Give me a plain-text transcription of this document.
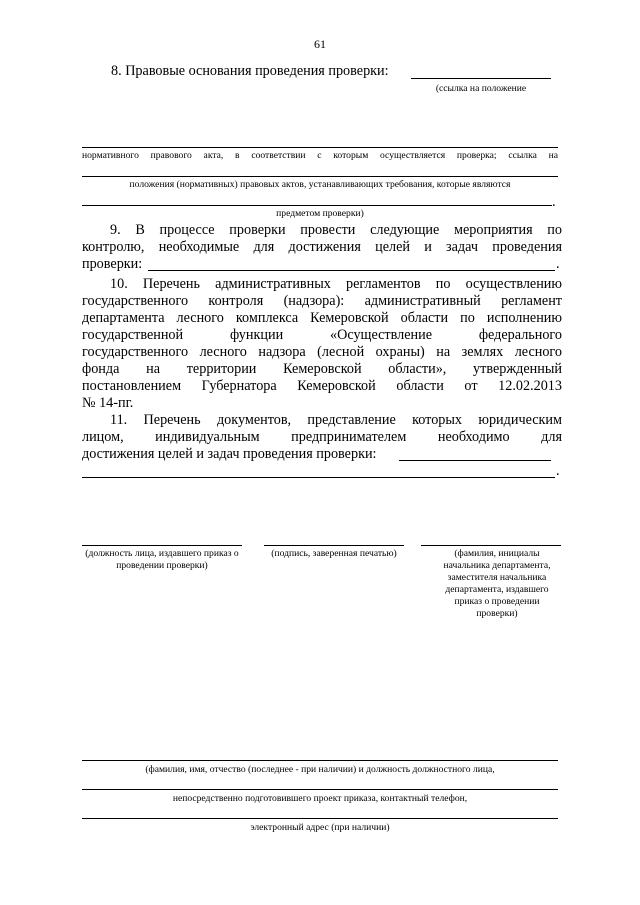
61
8. Правовые основания проведения проверки:
(ссылка на положение
нормативного правового акта, в соответствии с которым осуществляется проверка; ссылка на
положения (нормативных) правовых актов, устанавливающих требования, которые являются
.
предметом проверки)
9. В процессе проверки провести следующие мероприятия по
контролю, необходимые для достижения целей и задач проведения
проверки:	.
10. Перечень административных регламентов по осуществлению
государственного контроля (надзора): административный регламент
департамента лесного комплекса Кемеровской области по исполнению
государственной функции «Осуществление федерального
государственного лесного надзора (лесной охраны) на землях лесного
фонда на территории Кемеровской области», утвержденный
постановлением Губернатора Кемеровской области от 12.02.2013
№ 14-пг.
11. Перечень документов, представление которых юридическим
лицом, индивидуальным предпринимателем необходимо для
достижения целей и задач проведения проверки:
.
(должность лица, издавшего приказ о проведении проверки)
(подпись, заверенная печатью)	(фамилия, инициалы начальника департамента, заместителя начальника департамента, издавшего приказ о проведении проверки)
(фамилия, имя, отчество (последнее - при наличии) и должность должностного лица,
непосредственно подготовившего проект приказа, контактный телефон,
электронный адрес (при наличии)
